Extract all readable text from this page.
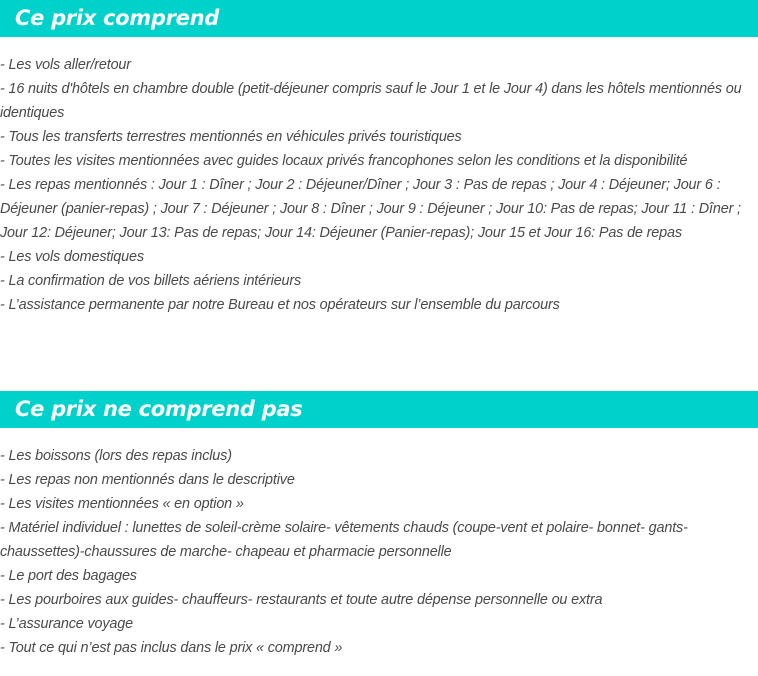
Ce prix comprend
- Les vols aller/retour
- 16 nuits d'hôtels en chambre double (petit-déjeuner compris sauf le Jour 1 et le Jour 4) dans les hôtels mentionnés ou identiques
- Tous les transferts terrestres mentionnés en véhicules privés touristiques
- Toutes les visites mentionnées avec guides locaux privés francophones selon les conditions et la disponibilité
- Les repas mentionnés : Jour 1 : Dîner ; Jour 2 : Déjeuner/Dîner ; Jour 3 : Pas de repas ; Jour 4 : Déjeuner; Jour 6 : Déjeuner (panier-repas) ; Jour 7 : Déjeuner ; Jour 8 : Dîner ; Jour 9 : Déjeuner ; Jour 10: Pas de repas; Jour 11 : Dîner ; Jour 12: Déjeuner; Jour 13: Pas de repas; Jour 14: Déjeuner (Panier-repas); Jour 15 et Jour 16: Pas de repas
- Les vols domestiques
- La confirmation de vos billets aériens intérieurs
- L’assistance permanente par notre Bureau et nos opérateurs sur l’ensemble du parcours
Ce prix ne comprend pas
- Les boissons (lors des repas inclus)
- Les repas non mentionnés dans le descriptive
- Les visites mentionnées « en option »
- Matériel individuel : lunettes de soleil-crème solaire- vêtements chauds (coupe-vent et polaire- bonnet- gants-chaussettes)-chaussures de marche- chapeau et pharmacie personnelle
- Le port des bagages
- Les pourboires aux guides- chauffeurs- restaurants et toute autre dépense personnelle ou extra
- L’assurance voyage
- Tout ce qui n’est pas inclus dans le prix « comprend »
